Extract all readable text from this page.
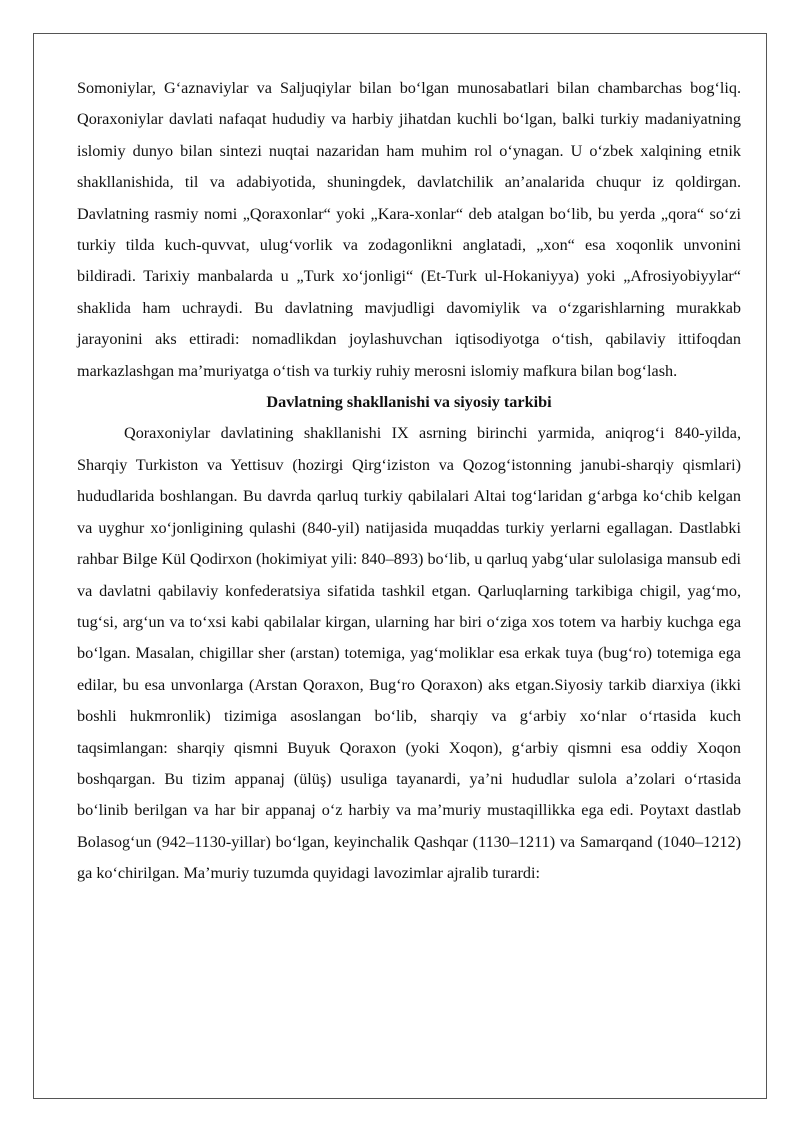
Somoniylar, G‘aznaviylar va Saljuqiylar bilan bo‘lgan munosabatlari bilan chambarchas bog‘liq. Qoraxoniylar davlati nafaqat hududiy va harbiy jihatdan kuchli bo‘lgan, balki turkiy madaniyatning islomiy dunyo bilan sintezi nuqtai nazaridan ham muhim rol o‘ynagan. U o‘zbek xalqining etnik shakllanishida, til va adabiyotida, shuningdek, davlatchilik an’analarida chuqur iz qoldirgan. Davlatning rasmiy nomi „Qoraxonlar“ yoki „Kara-xonlar“ deb atalgan bo‘lib, bu yerda „qora“ so‘zi turkiy tilda kuch-quvvat, ulug‘vorlik va zodagonlikni anglatadi, „xon“ esa xoqonlik unvonini bildiradi. Tarixiy manbalarda u „Turk xo‘jonligi“ (Et-Turk ul-Hokaniyya) yoki „Afrosiyobiyylar“ shaklida ham uchraydi. Bu davlatning mavjudligi davomiylik va o‘zgarishlarning murakkab jarayonini aks ettiradi: nomadlikdan joylashuvchan iqtisodiyotga o‘tish, qabilaviy ittifoqdan markazlashgan ma’muriyatga o‘tish va turkiy ruhiy merosni islomiy mafkura bilan bog‘lash.

Davlatning shakllanishi va siyosiy tarkibi

Qoraxoniylar davlatining shakllanishi IX asrning birinchi yarmida, aniqrog‘i 840-yilda, Sharqiy Turkiston va Yettisuv (hozirgi Qirg‘iziston va Qozog‘istonning janubi-sharqiy qismlari) hududlarida boshlangan. Bu davrda qarluq turkiy qabilalari Altai tog‘laridan g‘arbga ko‘chib kelgan va uyghur xo‘jonligining qulashi (840-yil) natijasida muqaddas turkiy yerlarni egallagan. Dastlabki rahbar Bilge Kül Qodirxon (hokimiyat yili: 840–893) bo‘lib, u qarluq yabg‘ular sulolasiga mansub edi va davlatni qabilaviy konfederatsiya sifatida tashkil etgan. Qarluqlarning tarkibiga chigil, yag‘mo, tug‘si, arg‘un va to‘xsi kabi qabilalar kirgan, ularning har biri o‘ziga xos totem va harbiy kuchga ega bo‘lgan. Masalan, chigillar sher (arstan) totemiga, yag‘moliklar esa erkak tuya (bug‘ro) totemiga ega edilar, bu esa unvonlarga (Arstan Qoraxon, Bug‘ro Qoraxon) aks etgan.Siyosiy tarkib diarxiya (ikki boshli hukmronlik) tizimiga asoslangan bo‘lib, sharqiy va g‘arbiy xo‘nlar o‘rtasida kuch taqsimlangan: sharqiy qismni Buyuk Qoraxon (yoki Xoqon), g‘arbiy qismni esa oddiy Xoqon boshqargan. Bu tizim appanaj (ülüş) usuliga tayanardi, ya’ni hududlar sulola a’zolari o‘rtasida bo‘linib berilgan va har bir appanaj o‘z harbiy va ma’muriy mustaqillikka ega edi. Poytaxt dastlab Bolasog‘un (942–1130-yillar) bo‘lgan, keyinchalik Qashqar (1130–1211) va Samarqand (1040–1212) ga ko‘chirilgan. Ma’muriy tuzumda quyidagi lavozimlar ajralib turardi:
